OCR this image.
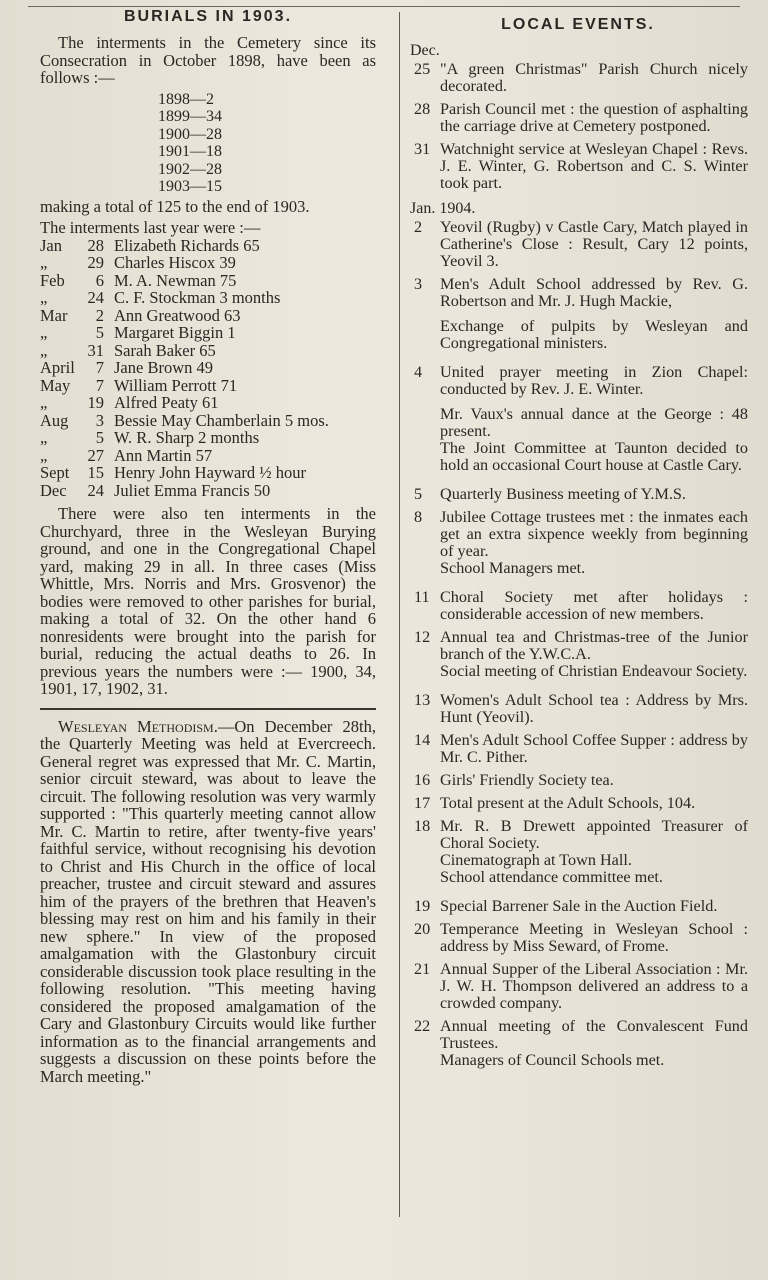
BURIALS IN 1903.

The interments in the Cemetery since its Consecration in October 1898, have been as follows :—

1898—2
1899—34
1900—28
1901—18
1902—28
1903—15

making a total of 125 to the end of 1903.

The interments last year were :—

Jan	28 Elizabeth Richards 65
„	29 Charles Hiscox 39
Feb	6 M. A. Newman 75
„	24 C. F. Stockman 3 months
Mar	2 Ann Greatwood 63
„	5 Margaret Biggin 1
„	31 Sarah Baker 65
April	7 Jane Brown 49
May	7 William Perrott 71
„	19 Alfred Peaty 61
Aug	3 Bessie May Chamberlain 5 mos.
„	5 W. R. Sharp 2 months
„	27 Ann Martin 57
Sept	15 Henry John Hayward ½ hour
Dec	24 Juliet Emma Francis 50

There were also ten interments in the Churchyard, three in the Wesleyan Burying ground, and one in the Congregational Chapel yard, making 29 in all. In three cases (Miss Whittle, Mrs. Norris and Mrs. Grosvenor) the bodies were removed to other parishes for burial, making a total of 32. On the other hand 6 nonresidents were brought into the parish for burial, reducing the actual deaths to 26. In previous years the numbers were :— 1900, 34, 1901, 17, 1902, 31.

Wesleyan Methodism.—On December 28th, the Quarterly Meeting was held at Evercreech. General regret was expressed that Mr. C. Martin, senior circuit steward, was about to leave the circuit. The following resolution was very warmly supported : "This quarterly meeting cannot allow Mr. C. Martin to retire, after twenty-five years' faithful service, without recognising his devotion to Christ and His Church in the office of local preacher, trustee and circuit steward and assures him of the prayers of the brethren that Heaven's blessing may rest on him and his family in their new sphere." In view of the proposed amalgamation with the Glastonbury circuit considerable discussion took place resulting in the following resolution. "This meeting having considered the proposed amalgamation of the Cary and Glastonbury Circuits would like further information as to the financial arrangements and suggests a discussion on these points before the March meeting."

LOCAL EVENTS.
Dec.
25 "A green Christmas" Parish Church nicely decorated.
28 Parish Council met : the question of asphalting the carriage drive at Cemetery postponed.
31 Watchnight service at Wesleyan Chapel : Revs. J. E. Winter, G. Robertson and C. S. Winter took part.
Jan. 1904.
2	Yeovil (Rugby) v Castle Cary, Match played in Catherine's Close : Result, Cary 12 points, Yeovil 3.
3	Men's Adult School addressed by Rev. G. Robertson and Mr. J. Hugh Mackie,
Exchange of pulpits by Wesleyan and Congregational ministers.
4	United prayer meeting in Zion Chapel: conducted by Rev. J. E. Winter.
Mr. Vaux's annual dance at the George : 48 present.
The Joint Committee at Taunton decided to hold an occasional Court house at Castle Cary.
5	Quarterly Business meeting of Y.M.S.
8	Jubilee Cottage trustees met : the inmates each get an extra sixpence weekly from beginning of year.
School Managers met.
11 Choral Society met after holidays : considerable accession of new members.
12 Annual tea and Christmas-tree of the Junior branch of the Y.W.C.A.
Social meeting of Christian Endeavour Society.
13 Women's Adult School tea : Address by Mrs. Hunt (Yeovil).
14 Men's Adult School Coffee Supper : address by Mr. C. Pither.
16 Girls' Friendly Society tea.
17 Total present at the Adult Schools, 104.
18 Mr. R. B Drewett appointed Treasurer of Choral Society.
Cinematograph at Town Hall.
School attendance committee met.
19 Special Barrener Sale in the Auction Field.
20 Temperance Meeting in Wesleyan School : address by Miss Seward, of Frome.
21 Annual Supper of the Liberal Association : Mr. J. W. H. Thompson delivered an address to a crowded company.
22 Annual meeting of the Convalescent Fund Trustees.
Managers of Council Schools met.
